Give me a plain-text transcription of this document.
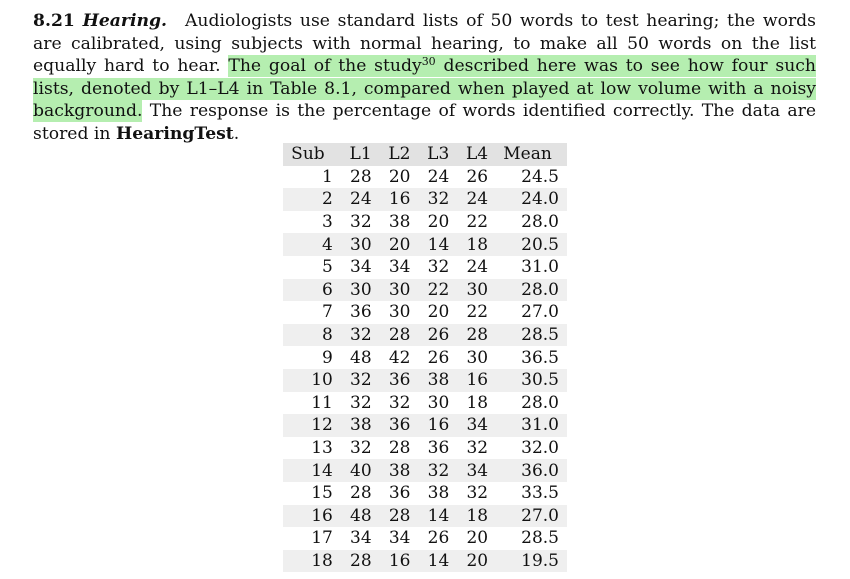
8.21 Hearing. Audiologists use standard lists of 50 words to test hearing; the words are calibrated, using subjects with normal hearing, to make all 50 words on the list equally hard to hear. The goal of the study$^{30}$ described here was to see how four such lists, denoted by L1–L4 in Table 8.1, compared when played at low volume with a noisy background. The response is the percentage of words identified correctly. The data are stored in HearingTest.
Sub	L1	L2	L3	L4	Mean
1	28	20	24	26	24.5
2	24	16	32	24	24.0
3	32	38	20	22	28.0
4	30	20	14	18	20.5
5	34	34	32	24	31.0
6	30	30	22	30	28.0
7	36	30	20	22	27.0
8	32	28	26	28	28.5
9	48	42	26	30	36.5
10	32	36	38	16	30.5
11	32	32	30	18	28.0
12	38	36	16	34	31.0
13	32	28	36	32	32.0
14	40	38	32	34	36.0
15	28	36	38	32	33.5
16	48	28	14	18	27.0
17	34	34	26	20	28.5
18	28	16	14	20	19.5
